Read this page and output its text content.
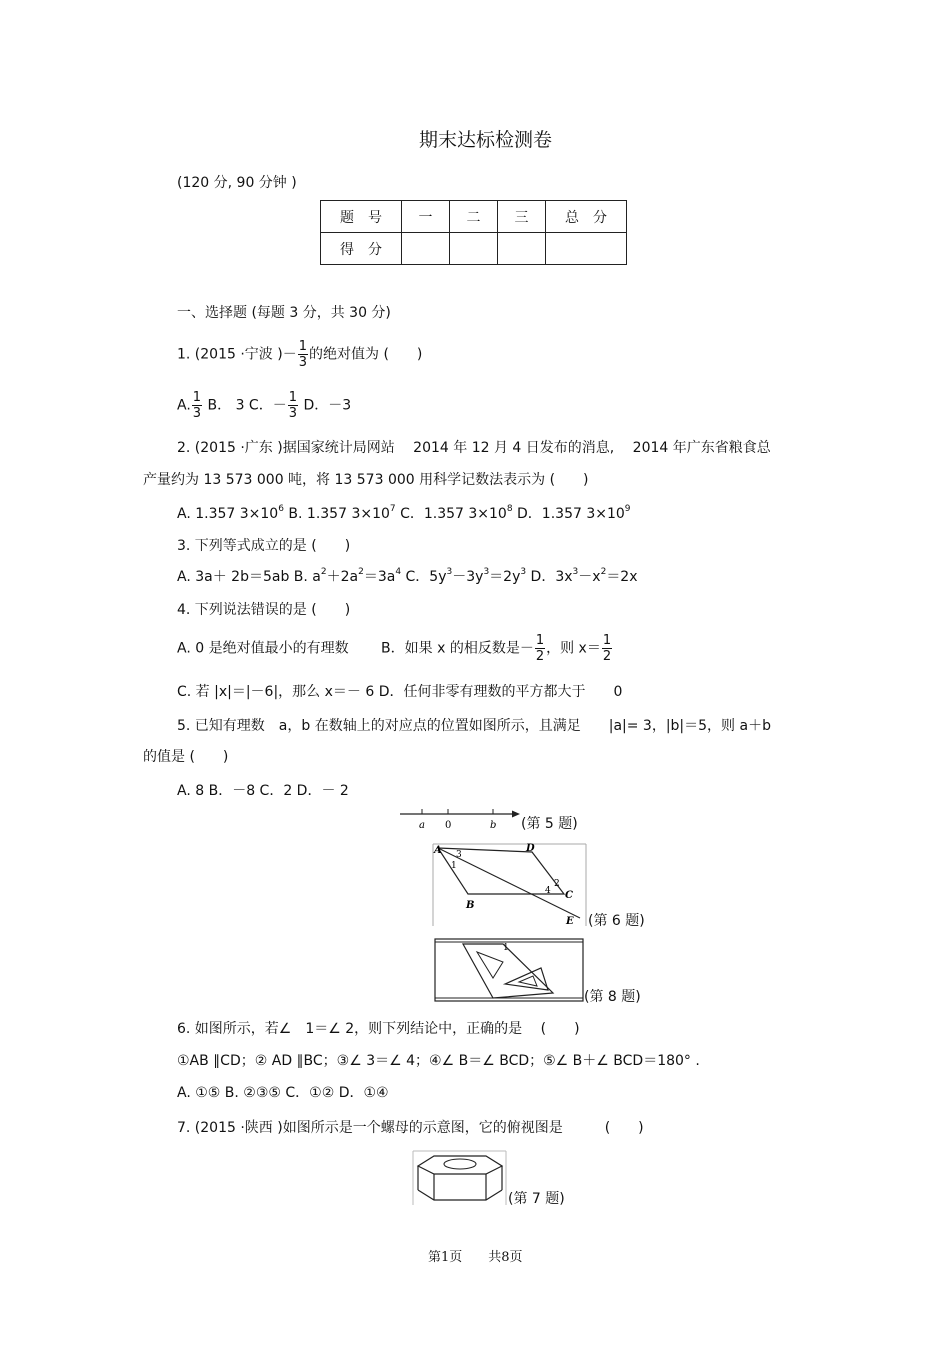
期末达标检测卷
(120 分, 90 分钟 )
题　号	一	二	三	总　分
得　分				
一、选择题 (每题 3 分，共 30 分)
1. (2015 ·宁波 )－ $\frac{1}{3}$ 的绝对值为 (　　)
A. $\frac{1}{3}$ B． 3 C．－ $\frac{1}{3}$ D．－3
2. (2015 ·广东 )据国家统计局网站　 2014 年 12 月 4 日发布的消息,　 2014 年广东省粮食总
产量约为 13 573 000 吨，将 13 573 000 用科学记数法表示为 (　　)
A. 1.357 $3\times 10^6$ B. 1.357 $3\times 10^7$ C．1.357 $3\times 10^8$ D．1.357 $3\times 10^9$
3. 下列等式成立的是 (　　)
A. 3a＋ 2b＝5ab B. $a^2+2a^2=3a^4$ C．$5y^3-3y^3=2y^3$ D．$3x^3-x^2=2x$
4. 下列说法错误的是 (　　)
A. 0 是绝对值最小的有理数　　 B．如果 x 的相反数是－ $\frac{1}{2}$ ，则 $x= \frac{1}{2}$
C. 若 |x|＝|－6|，那么 x＝－ 6 D．任何非零有理数的平方都大于　　0
5. 已知有理数　a，b 在数轴上的对应点的位置如图所示，且满足　　|a|= 3，|b|＝5，则 a＋b
的值是 (　　)
A. 8 B．－8 C．2 D．－ 2
a 0	b (第 5 题)
A	D
B
C
E
1
3
2
4
(第 6 题)
1
(第 8 题)
6. 如图所示，若∠　1＝∠ 2，则下列结论中，正确的是　 (　　)
①AB ∥CD；② AD ∥BC；③∠ 3＝∠ 4；④∠ B＝∠ BCD；⑤∠ B＋∠ BCD＝180° .
A. ①⑤ B. ②③⑤ C．①② D．①④
7. (2015 ·陕西 )如图所示是一个螺母的示意图，它的俯视图是　　　(　　)
(第 7 题)
第1页　　共8页
